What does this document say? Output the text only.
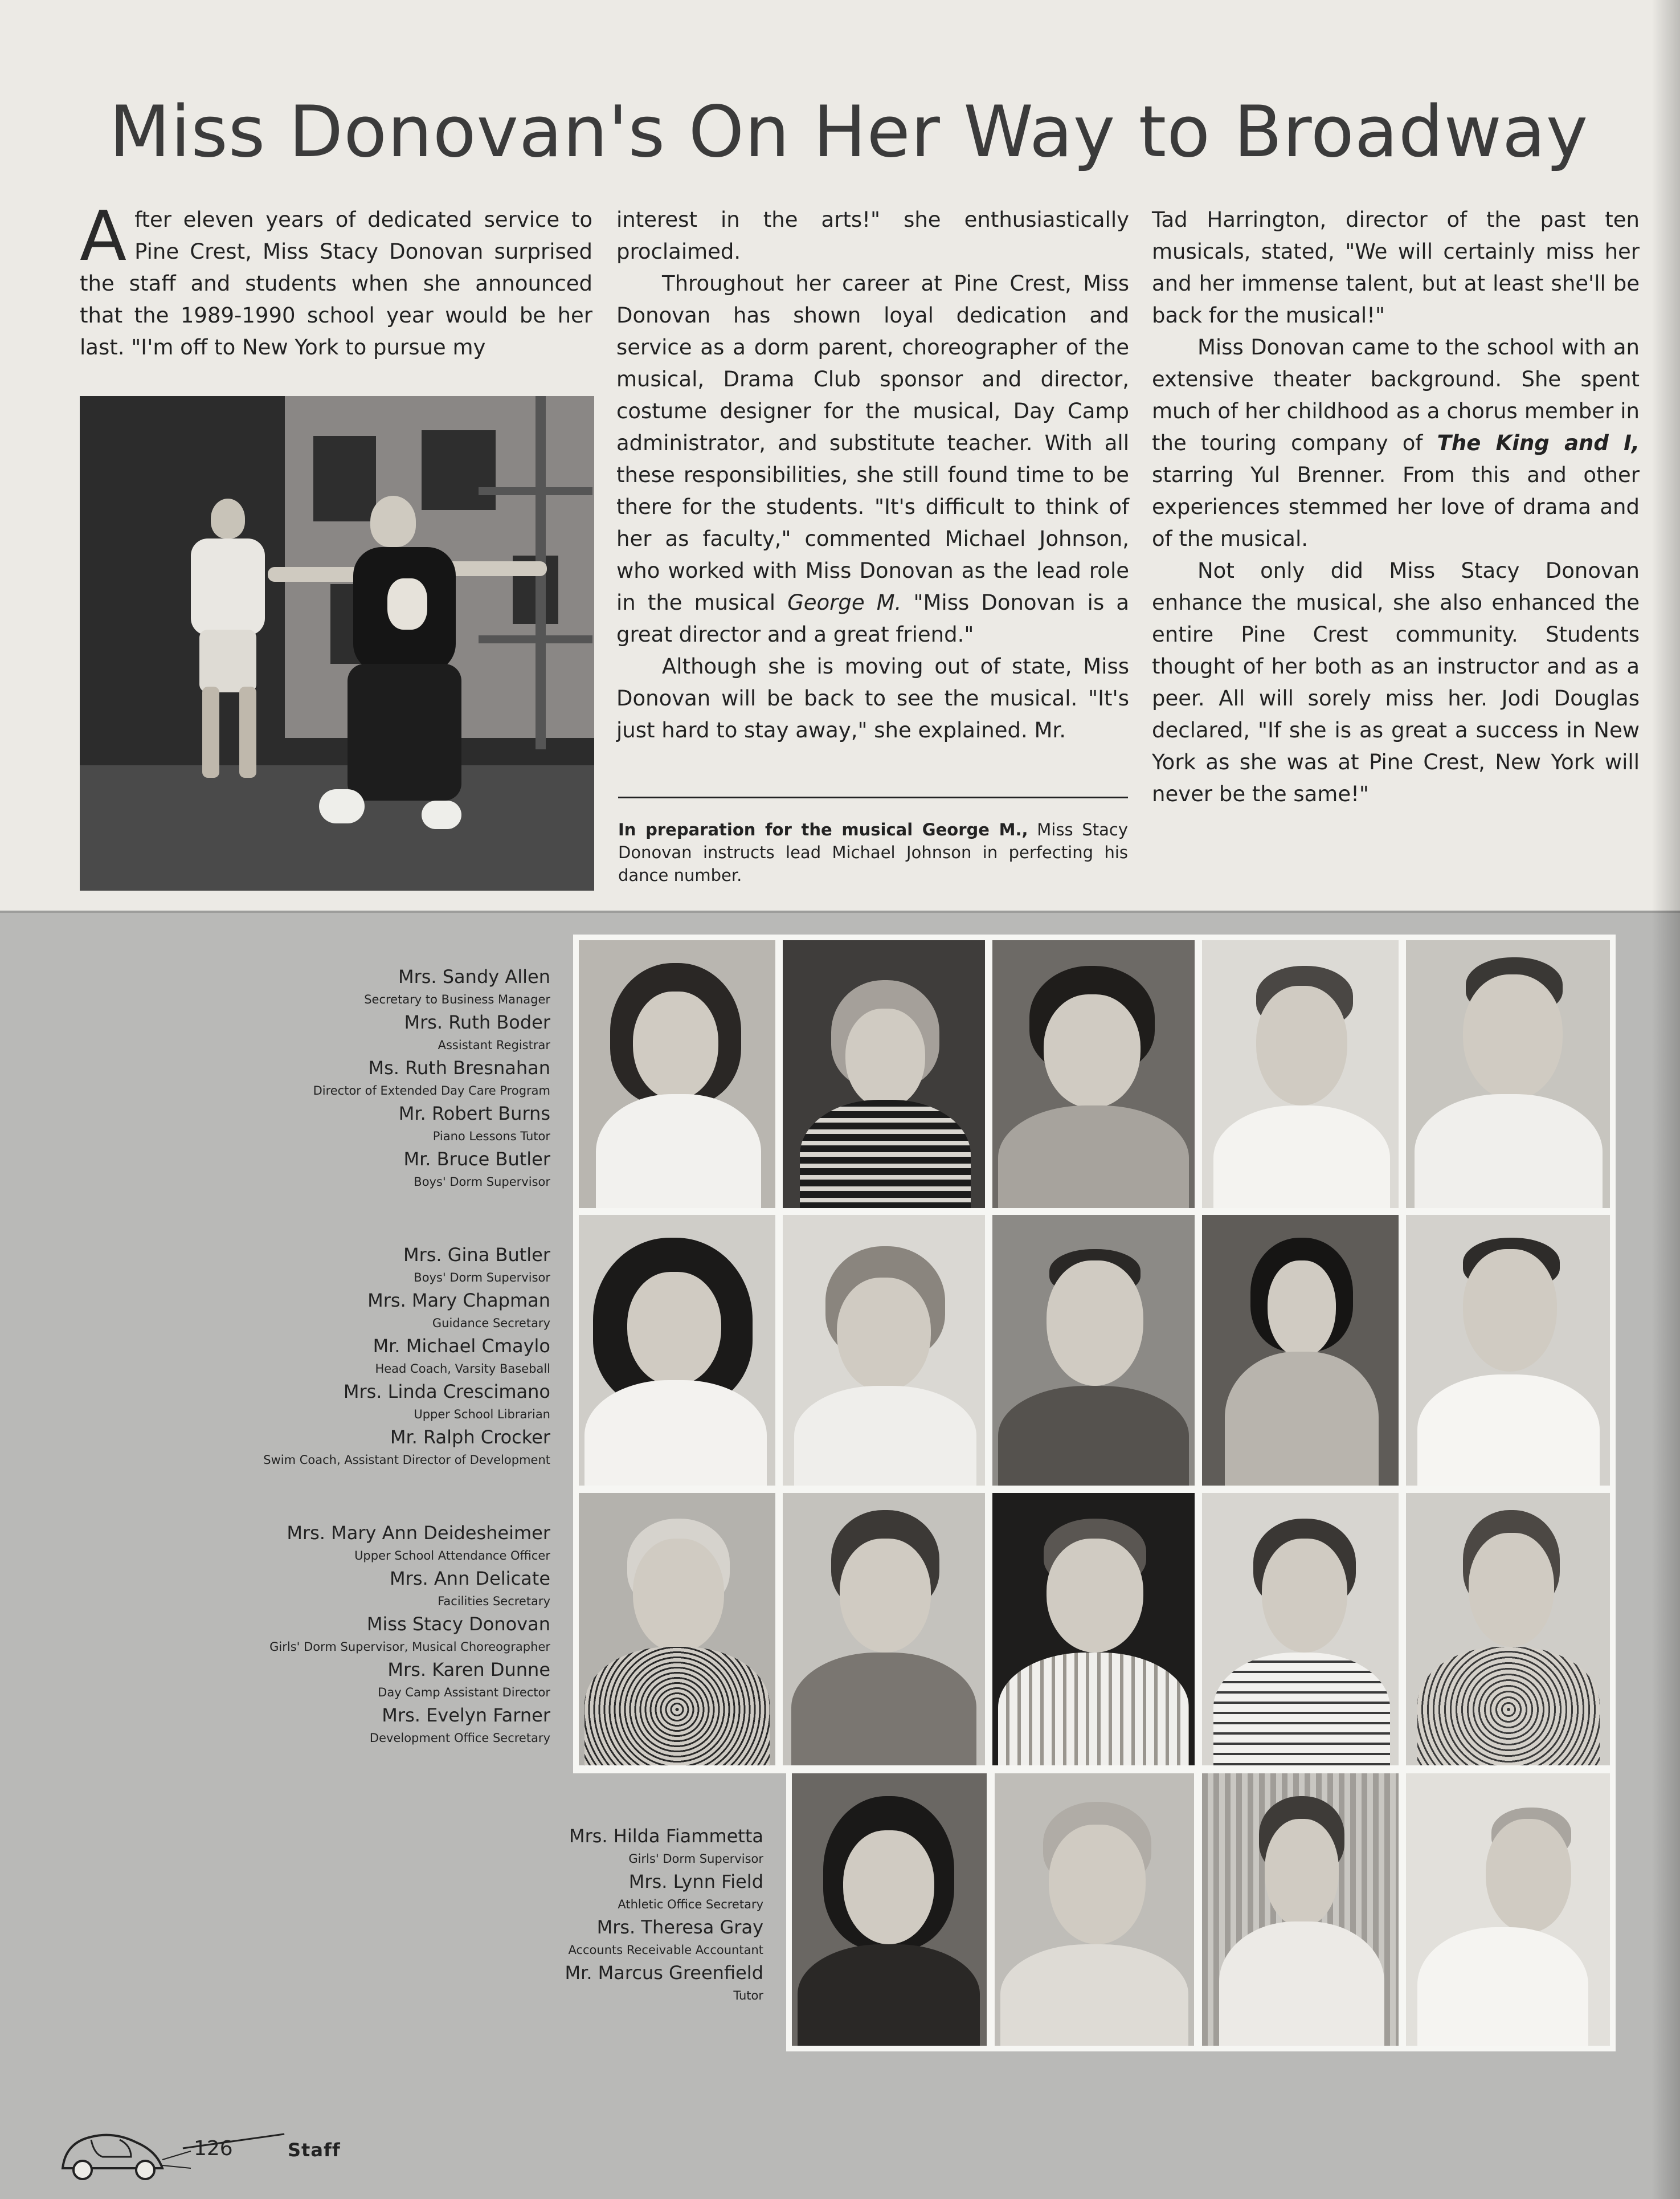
Miss Donovan's On Her Way to Broadway

After eleven years of dedicated service to Pine Crest, Miss Stacy Donovan surprised the staff and students when she announced that the 1989-1990 school year would be her last. "I'm off to New York to pursue my

interest in the arts!" she enthusiastically proclaimed.

Throughout her career at Pine Crest, Miss Donovan has shown loyal dedication and service as a dorm parent, choreographer of the musical, Drama Club sponsor and director, costume designer for the musical, Day Camp administrator, and substitute teacher. With all these responsibilities, she still found time to be there for the students. "It's difficult to think of her as faculty," commented Michael Johnson, who worked with Miss Donovan as the lead role in the musical George M. "Miss Donovan is a great director and a great friend."

Although she is moving out of state, Miss Donovan will be back to see the musical. "It's just hard to stay away," she explained. Mr.

In preparation for the musical George M., Miss Stacy Donovan instructs lead Michael Johnson in perfecting his dance number.

Tad Harrington, director of the past ten musicals, stated, "We will certainly miss her and her immense talent, but at least she'll be back for the musical!"

Miss Donovan came to the school with an extensive theater background. She spent much of her childhood as a chorus member in the touring company of The King and I, starring Yul Brenner. From this and other experiences stemmed her love of drama and of the musical.

Not only did Miss Stacy Donovan enhance the musical, she also enhanced the entire Pine Crest community. Students thought of her both as an instructor and as a peer. All will sorely miss her. Jodi Douglas declared, "If she is as great a success in New York as she was at Pine Crest, New York will never be the same!"

Mrs. Sandy Allen
Secretary to Business Manager
Mrs. Ruth Boder
Assistant Registrar
Ms. Ruth Bresnahan
Director of Extended Day Care Program
Mr. Robert Burns
Piano Lessons Tutor
Mr. Bruce Butler
Boys' Dorm Supervisor
Mrs. Gina Butler
Boys' Dorm Supervisor
Mrs. Mary Chapman
Guidance Secretary
Mr. Michael Cmaylo
Head Coach, Varsity Baseball
Mrs. Linda Crescimano
Upper School Librarian
Mr. Ralph Crocker
Swim Coach, Assistant Director of Development
Mrs. Mary Ann Deidesheimer
Upper School Attendance Officer
Mrs. Ann Delicate
Facilities Secretary
Miss Stacy Donovan
Girls' Dorm Supervisor, Musical Choreographer
Mrs. Karen Dunne
Day Camp Assistant Director
Mrs. Evelyn Farner
Development Office Secretary
Mrs. Hilda Fiammetta
Girls' Dorm Supervisor
Mrs. Lynn Field
Athletic Office Secretary
Mrs. Theresa Gray
Accounts Receivable Accountant
Mr. Marcus Greenfield
Tutor

126	Staff
